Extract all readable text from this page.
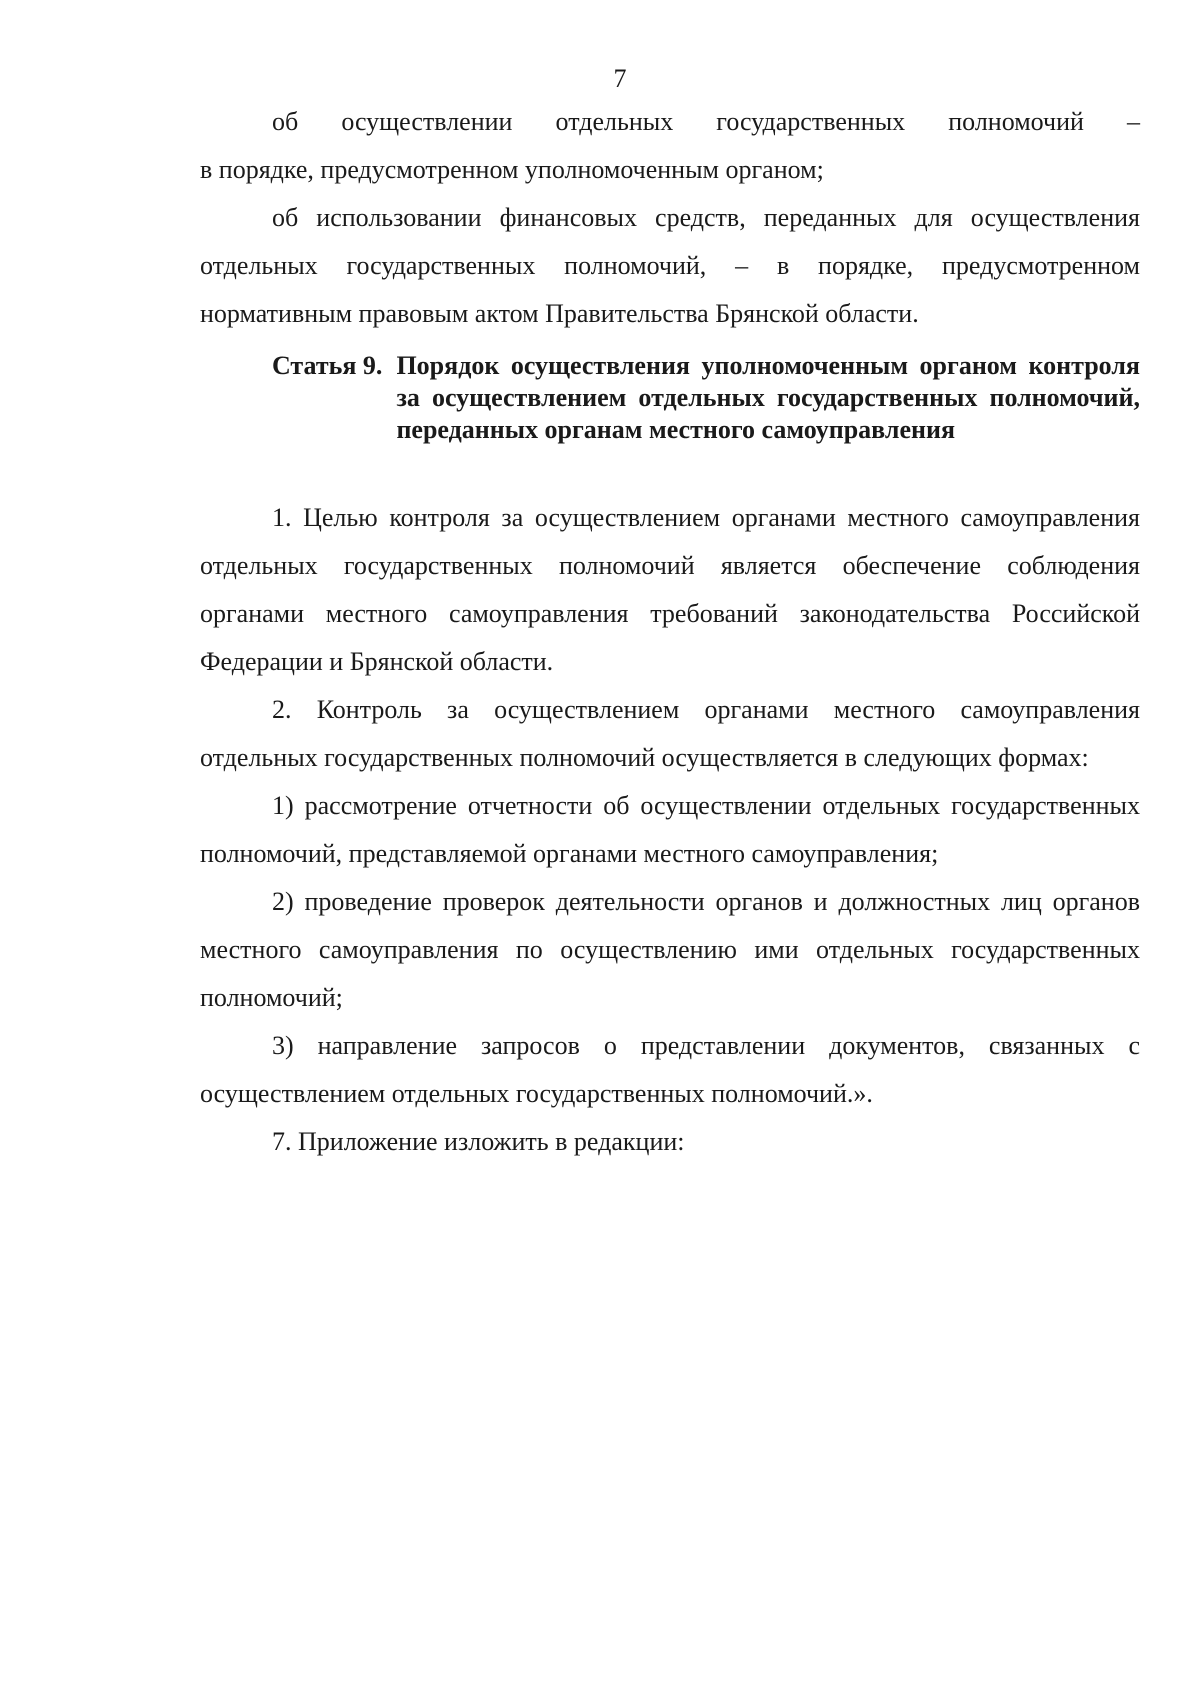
7

об осуществлении отдельных государственных полномочий –

в порядке, предусмотренном уполномоченным органом;

об использовании финансовых средств, переданных для осуществления отдельных государственных полномочий, – в порядке, предусмотренном нормативным правовым актом Правительства Брянской области.

Статья 9. Порядок осуществления уполномоченным органом контроля за осуществлением отдельных государственных полномочий, переданных органам местного самоуправления

1. Целью контроля за осуществлением органами местного самоуправления отдельных государственных полномочий является обеспечение соблюдения органами местного самоуправления требований законодательства Российской Федерации и Брянской области.

2. Контроль за осуществлением органами местного самоуправления отдельных государственных полномочий осуществляется в следующих формах:

1) рассмотрение отчетности об осуществлении отдельных государственных полномочий, представляемой органами местного самоуправления;

2) проведение проверок деятельности органов и должностных лиц органов местного самоуправления по осуществлению ими отдельных государственных полномочий;

3) направление запросов о представлении документов, связанных с осуществлением отдельных государственных полномочий.».

7. Приложение изложить в редакции:
